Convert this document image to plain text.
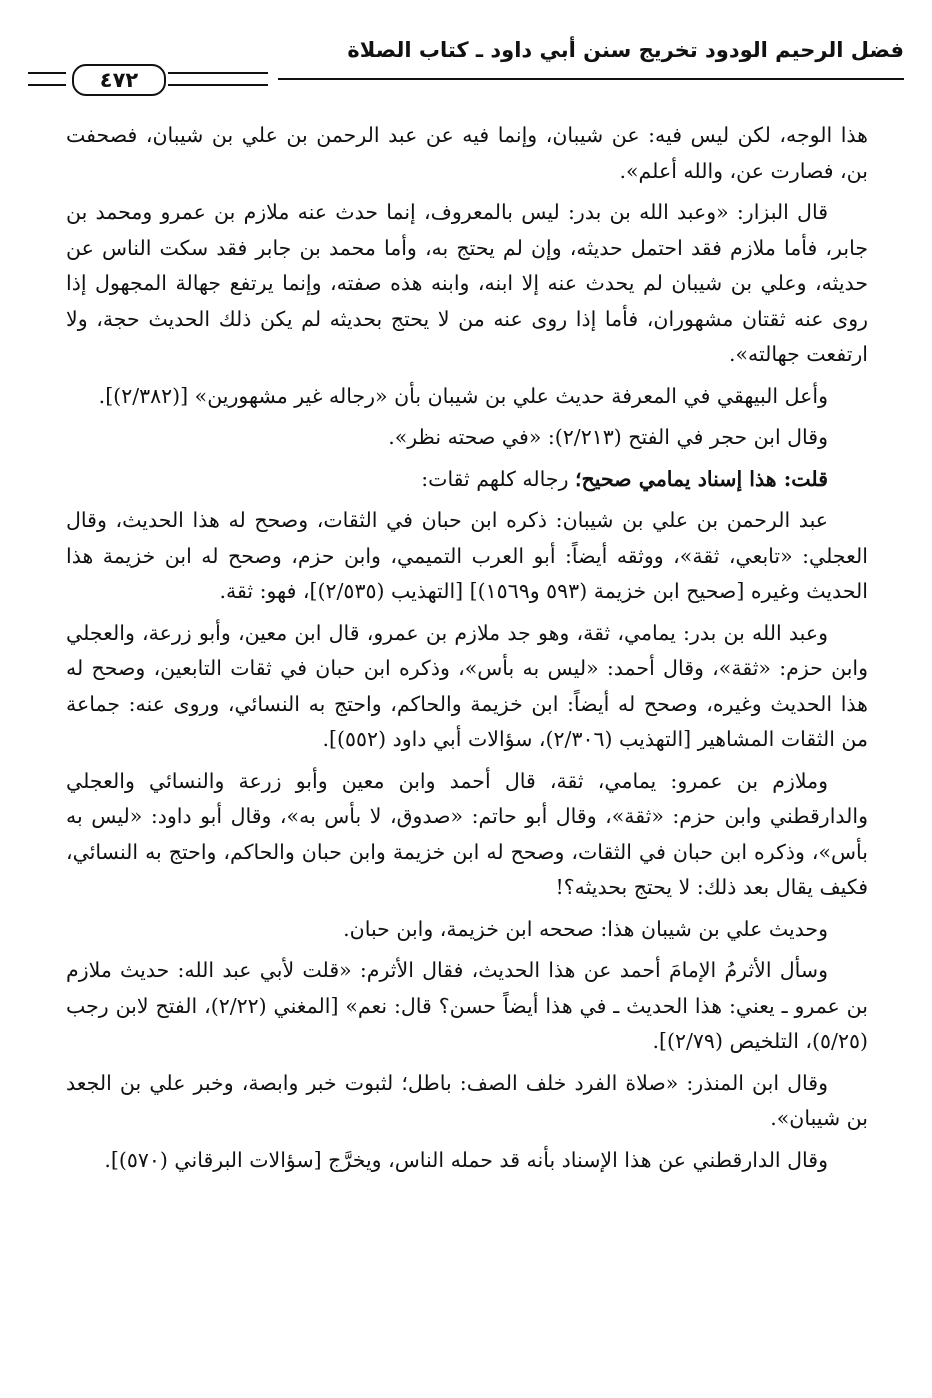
فضل الرحيم الودود تخريج سنن أبي داود ـ كتاب الصلاة
٤٧٢

هذا الوجه، لكن ليس فيه: عن شيبان، وإنما فيه عن عبد الرحمن بن علي بن شيبان، فصحفت بن، فصارت عن، والله أعلم».

قال البزار: «وعبد الله بن بدر: ليس بالمعروف، إنما حدث عنه ملازم بن عمرو ومحمد بن جابر، فأما ملازم فقد احتمل حديثه، وإن لم يحتج به، وأما محمد بن جابر فقد سكت الناس عن حديثه، وعلي بن شيبان لم يحدث عنه إلا ابنه، وابنه هذه صفته، وإنما يرتفع جهالة المجهول إذا روى عنه ثقتان مشهوران، فأما إذا روى عنه من لا يحتج بحديثه لم يكن ذلك الحديث حجة، ولا ارتفعت جهالته».

وأعل البيهقي في المعرفة حديث علي بن شيبان بأن «رجاله غير مشهورين» [(٢/٣٨٢)].

وقال ابن حجر في الفتح (٢/٢١٣): «في صحته نظر».

قلت: هذا إسناد يمامي صحيح؛ رجاله كلهم ثقات:

عبد الرحمن بن علي بن شيبان: ذكره ابن حبان في الثقات، وصحح له هذا الحديث، وقال العجلي: «تابعي، ثقة»، ووثقه أيضاً: أبو العرب التميمي، وابن حزم، وصحح له ابن خزيمة هذا الحديث وغيره [صحيح ابن خزيمة (٥٩٣ و١٥٦٩)] [التهذيب (٢/٥٣٥)]، فهو: ثقة.

وعبد الله بن بدر: يمامي، ثقة، وهو جد ملازم بن عمرو، قال ابن معين، وأبو زرعة، والعجلي وابن حزم: «ثقة»، وقال أحمد: «ليس به بأس»، وذكره ابن حبان في ثقات التابعين، وصحح له هذا الحديث وغيره، وصحح له أيضاً: ابن خزيمة والحاكم، واحتج به النسائي، وروى عنه: جماعة من الثقات المشاهير [التهذيب (٢/٣٠٦)، سؤالات أبي داود (٥٥٢)].

وملازم بن عمرو: يمامي، ثقة، قال أحمد وابن معين وأبو زرعة والنسائي والعجلي والدارقطني وابن حزم: «ثقة»، وقال أبو حاتم: «صدوق، لا بأس به»، وقال أبو داود: «ليس به بأس»، وذكره ابن حبان في الثقات، وصحح له ابن خزيمة وابن حبان والحاكم، واحتج به النسائي، فكيف يقال بعد ذلك: لا يحتج بحديثه؟!

وحديث علي بن شيبان هذا: صححه ابن خزيمة، وابن حبان.

وسأل الأثرمُ الإمامَ أحمد عن هذا الحديث، فقال الأثرم: «قلت لأبي عبد الله: حديث ملازم بن عمرو ـ يعني: هذا الحديث ـ في هذا أيضاً حسن؟ قال: نعم» [المغني (٢/٢٢)، الفتح لابن رجب (٥/٢٥)، التلخيص (٢/٧٩)].

وقال ابن المنذر: «صلاة الفرد خلف الصف: باطل؛ لثبوت خبر وابصة، وخبر علي بن الجعد بن شيبان».

وقال الدارقطني عن هذا الإسناد بأنه قد حمله الناس، ويخرَّج [سؤالات البرقاني (٥٧٠)].
